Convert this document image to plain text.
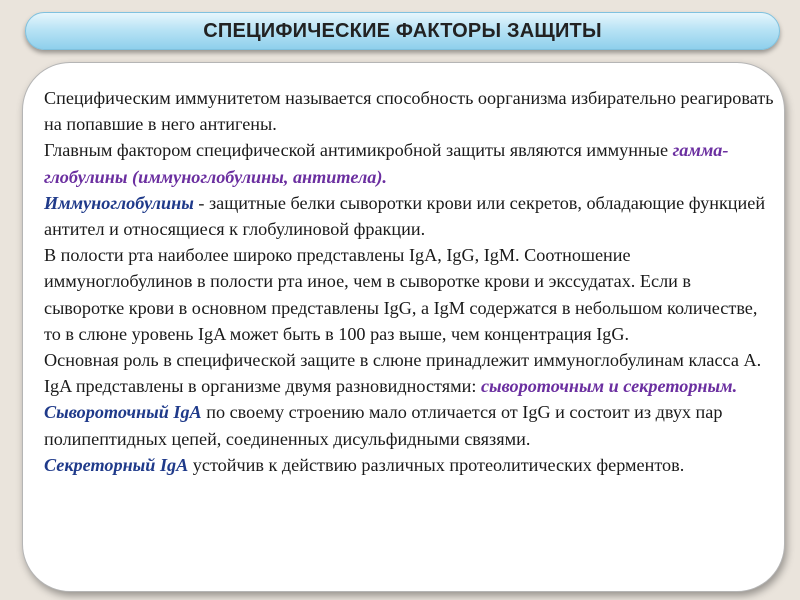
СПЕЦИФИЧЕСКИЕ ФАКТОРЫ ЗАЩИТЫ
Специфическим иммунитетом называется способность оорганизма избирательно реагировать на попавшие в него антигены.
Главным фактором специфической антимикробной защиты являются иммунные гамма-глобулины (иммуноглобулины, антитела).
Иммуноглобулины - защитные белки сыворотки крови или секретов, обладающие функцией антител и относящиеся к глобулиновой фракции.
В полости рта наиболее широко представлены IgA, IgG, IgM. Соотношение иммуноглобулинов в полости рта иное, чем в сыворотке крови и экссудатах. Если в сыворотке крови в основном представлены IgG, а IgM содержатся в небольшом количестве, то в слюне уровень IgA может быть в 100 раз выше, чем концентрация IgG.
Основная роль в специфической защите в слюне принадлежит иммуноглобулинам класса А. IgA представлены в организме двумя разновидностями: сывороточным и секреторным.
Сывороточный IgA по своему строению мало отличается от IgG и состоит из двух пар полипептидных цепей, соединенных дисульфидными связями.
Секреторный IgA устойчив к действию различных протеолитических ферментов.
